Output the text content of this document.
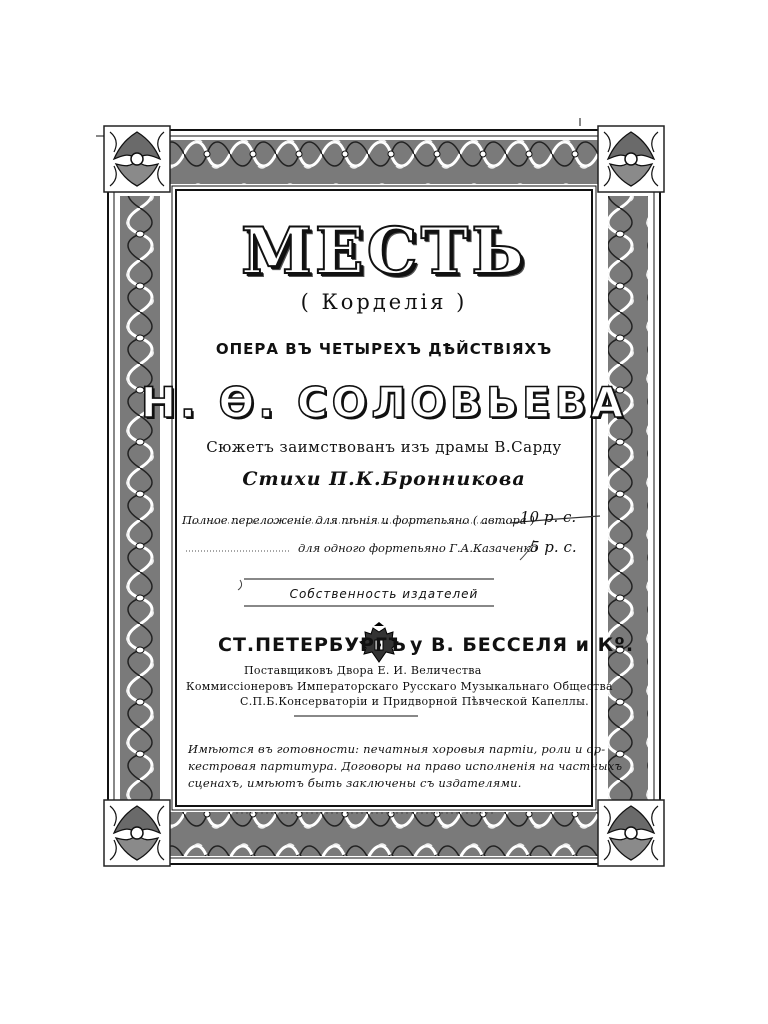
МЕСТЬ
( Корделія )
ОПЕРА ВЪ ЧЕТЫРЕХЪ ДѢЙСТВІЯХЪ
Н. Ө. СОЛОВЬЕВА
Сюжетъ заимствованъ изъ драмы В.Сарду
Стихи П.К.Бронникова
Полное переложеніе для пѣнія и фортепьяно ( автора )
10 р. с.
для одного фортепьяно Г.А.Казаченко
5 р. с.
Собственность издателей
СТ.ПЕТЕРБУРГЪ у В. БЕССЕЛЯ и Кº.
Поставщиковъ Двора Е. И. Величества
Коммиссіонеровъ Императорскаго Русскаго Музыкальнаго Общества
С.П.Б.Консерваторіи и Придворной Пѣвческой Капеллы.
Имѣются въ готовности: печатныя хоровыя партіи, роли и ор-
кестровая партитура. Договоры на право исполненія на частныхъ
сценахъ, имѣютъ быть заключены съ издателями.
